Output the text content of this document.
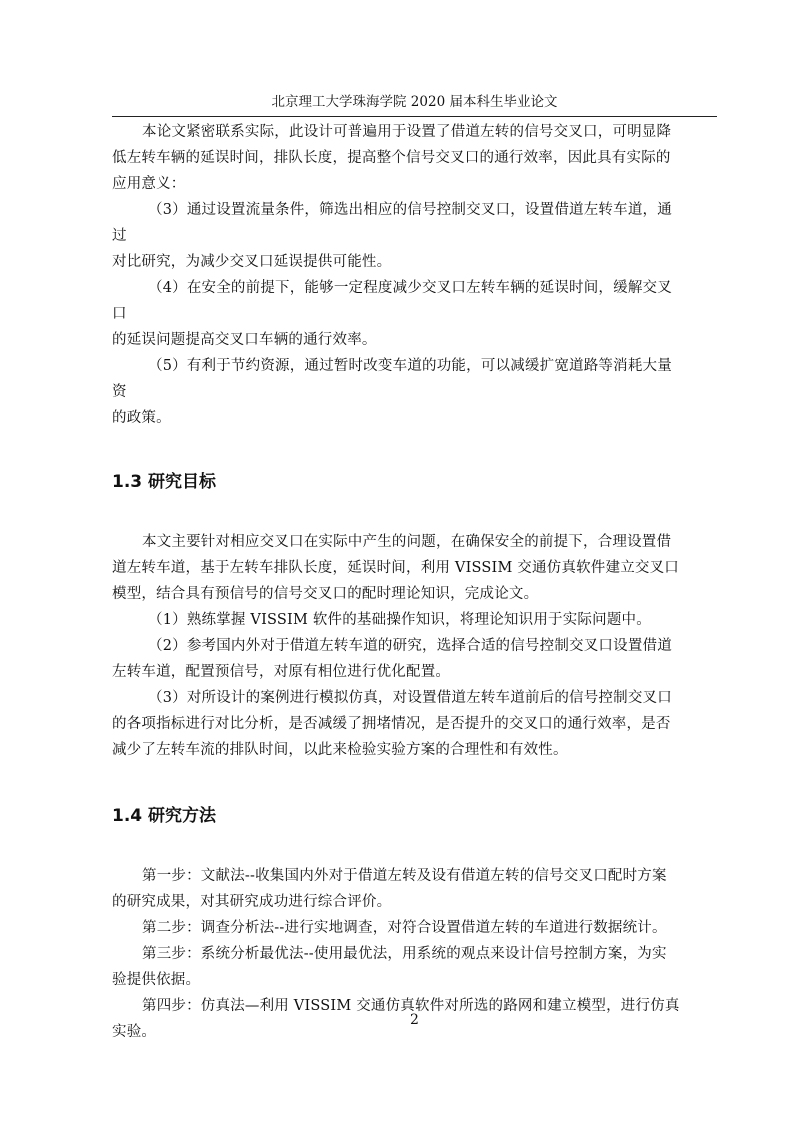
北京理工大学珠海学院 2020 届本科生毕业论文

本论文紧密联系实际，此设计可普遍用于设置了借道左转的信号交叉口，可明显降

低左转车辆的延误时间，排队长度，提高整个信号交叉口的通行效率，因此具有实际的

应用意义：

（3）通过设置流量条件，筛选出相应的信号控制交叉口，设置借道左转车道，通

过

对比研究，为减少交叉口延误提供可能性。

（4）在安全的前提下，能够一定程度减少交叉口左转车辆的延误时间，缓解交叉

口

的延误问题提高交叉口车辆的通行效率。

（5）有利于节约资源，通过暂时改变车道的功能，可以减缓扩宽道路等消耗大量

资

的政策。

1.3 研究目标

本文主要针对相应交叉口在实际中产生的问题，在确保安全的前提下，合理设置借

道左转车道，基于左转车排队长度，延误时间，利用 VISSIM 交通仿真软件建立交叉口

模型，结合具有预信号的信号交叉口的配时理论知识，完成论文。

（1）熟练掌握 VISSIM 软件的基础操作知识，将理论知识用于实际问题中。

（2）参考国内外对于借道左转车道的研究，选择合适的信号控制交叉口设置借道

左转车道，配置预信号，对原有相位进行优化配置。

（3）对所设计的案例进行模拟仿真，对设置借道左转车道前后的信号控制交叉口

的各项指标进行对比分析，是否减缓了拥堵情况，是否提升的交叉口的通行效率，是否

减少了左转车流的排队时间，以此来检验实验方案的合理性和有效性。

1.4 研究方法

第一步：文献法--收集国内外对于借道左转及设有借道左转的信号交叉口配时方案

的研究成果，对其研究成功进行综合评价。

第二步：调查分析法--进行实地调查，对符合设置借道左转的车道进行数据统计。

第三步：系统分析最优法--使用最优法，用系统的观点来设计信号控制方案，为实

验提供依据。

第四步：仿真法—利用 VISSIM 交通仿真软件对所选的路网和建立模型，进行仿真

实验。

2
